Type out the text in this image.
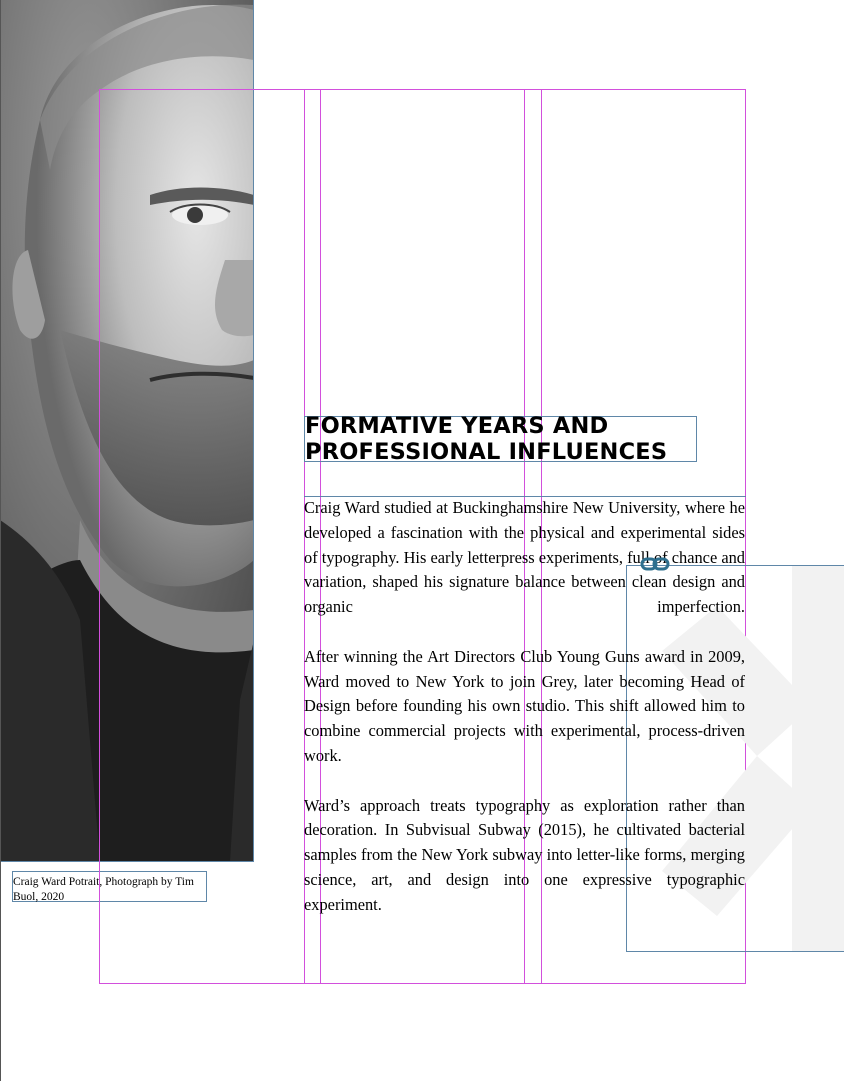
Craig Ward Potrait, Photograph by Tim Buol, 2020
FORMATIVE YEARS AND
PROFESSIONAL INFLUENCES

Craig Ward studied at Buckinghamshire New University, where he developed a fascination with the physical and experimental sides of typography. His early letterpress experiments, full of chance and variation, shaped his signature balance between clean design and organic imperfection.

After winning the Art Directors Club Young Guns award in 2009, Ward moved to New York to join Grey, later becoming Head of Design before founding his own studio. This shift allowed him to combine commercial projects with experimental, process-driven work.

Ward’s approach treats typography as exploration rather than decoration. In Subvisual Subway (2015), he cultivated bacterial samples from the New York subway into letter-like forms, merging science, art, and design into one expressive typographic experiment.
